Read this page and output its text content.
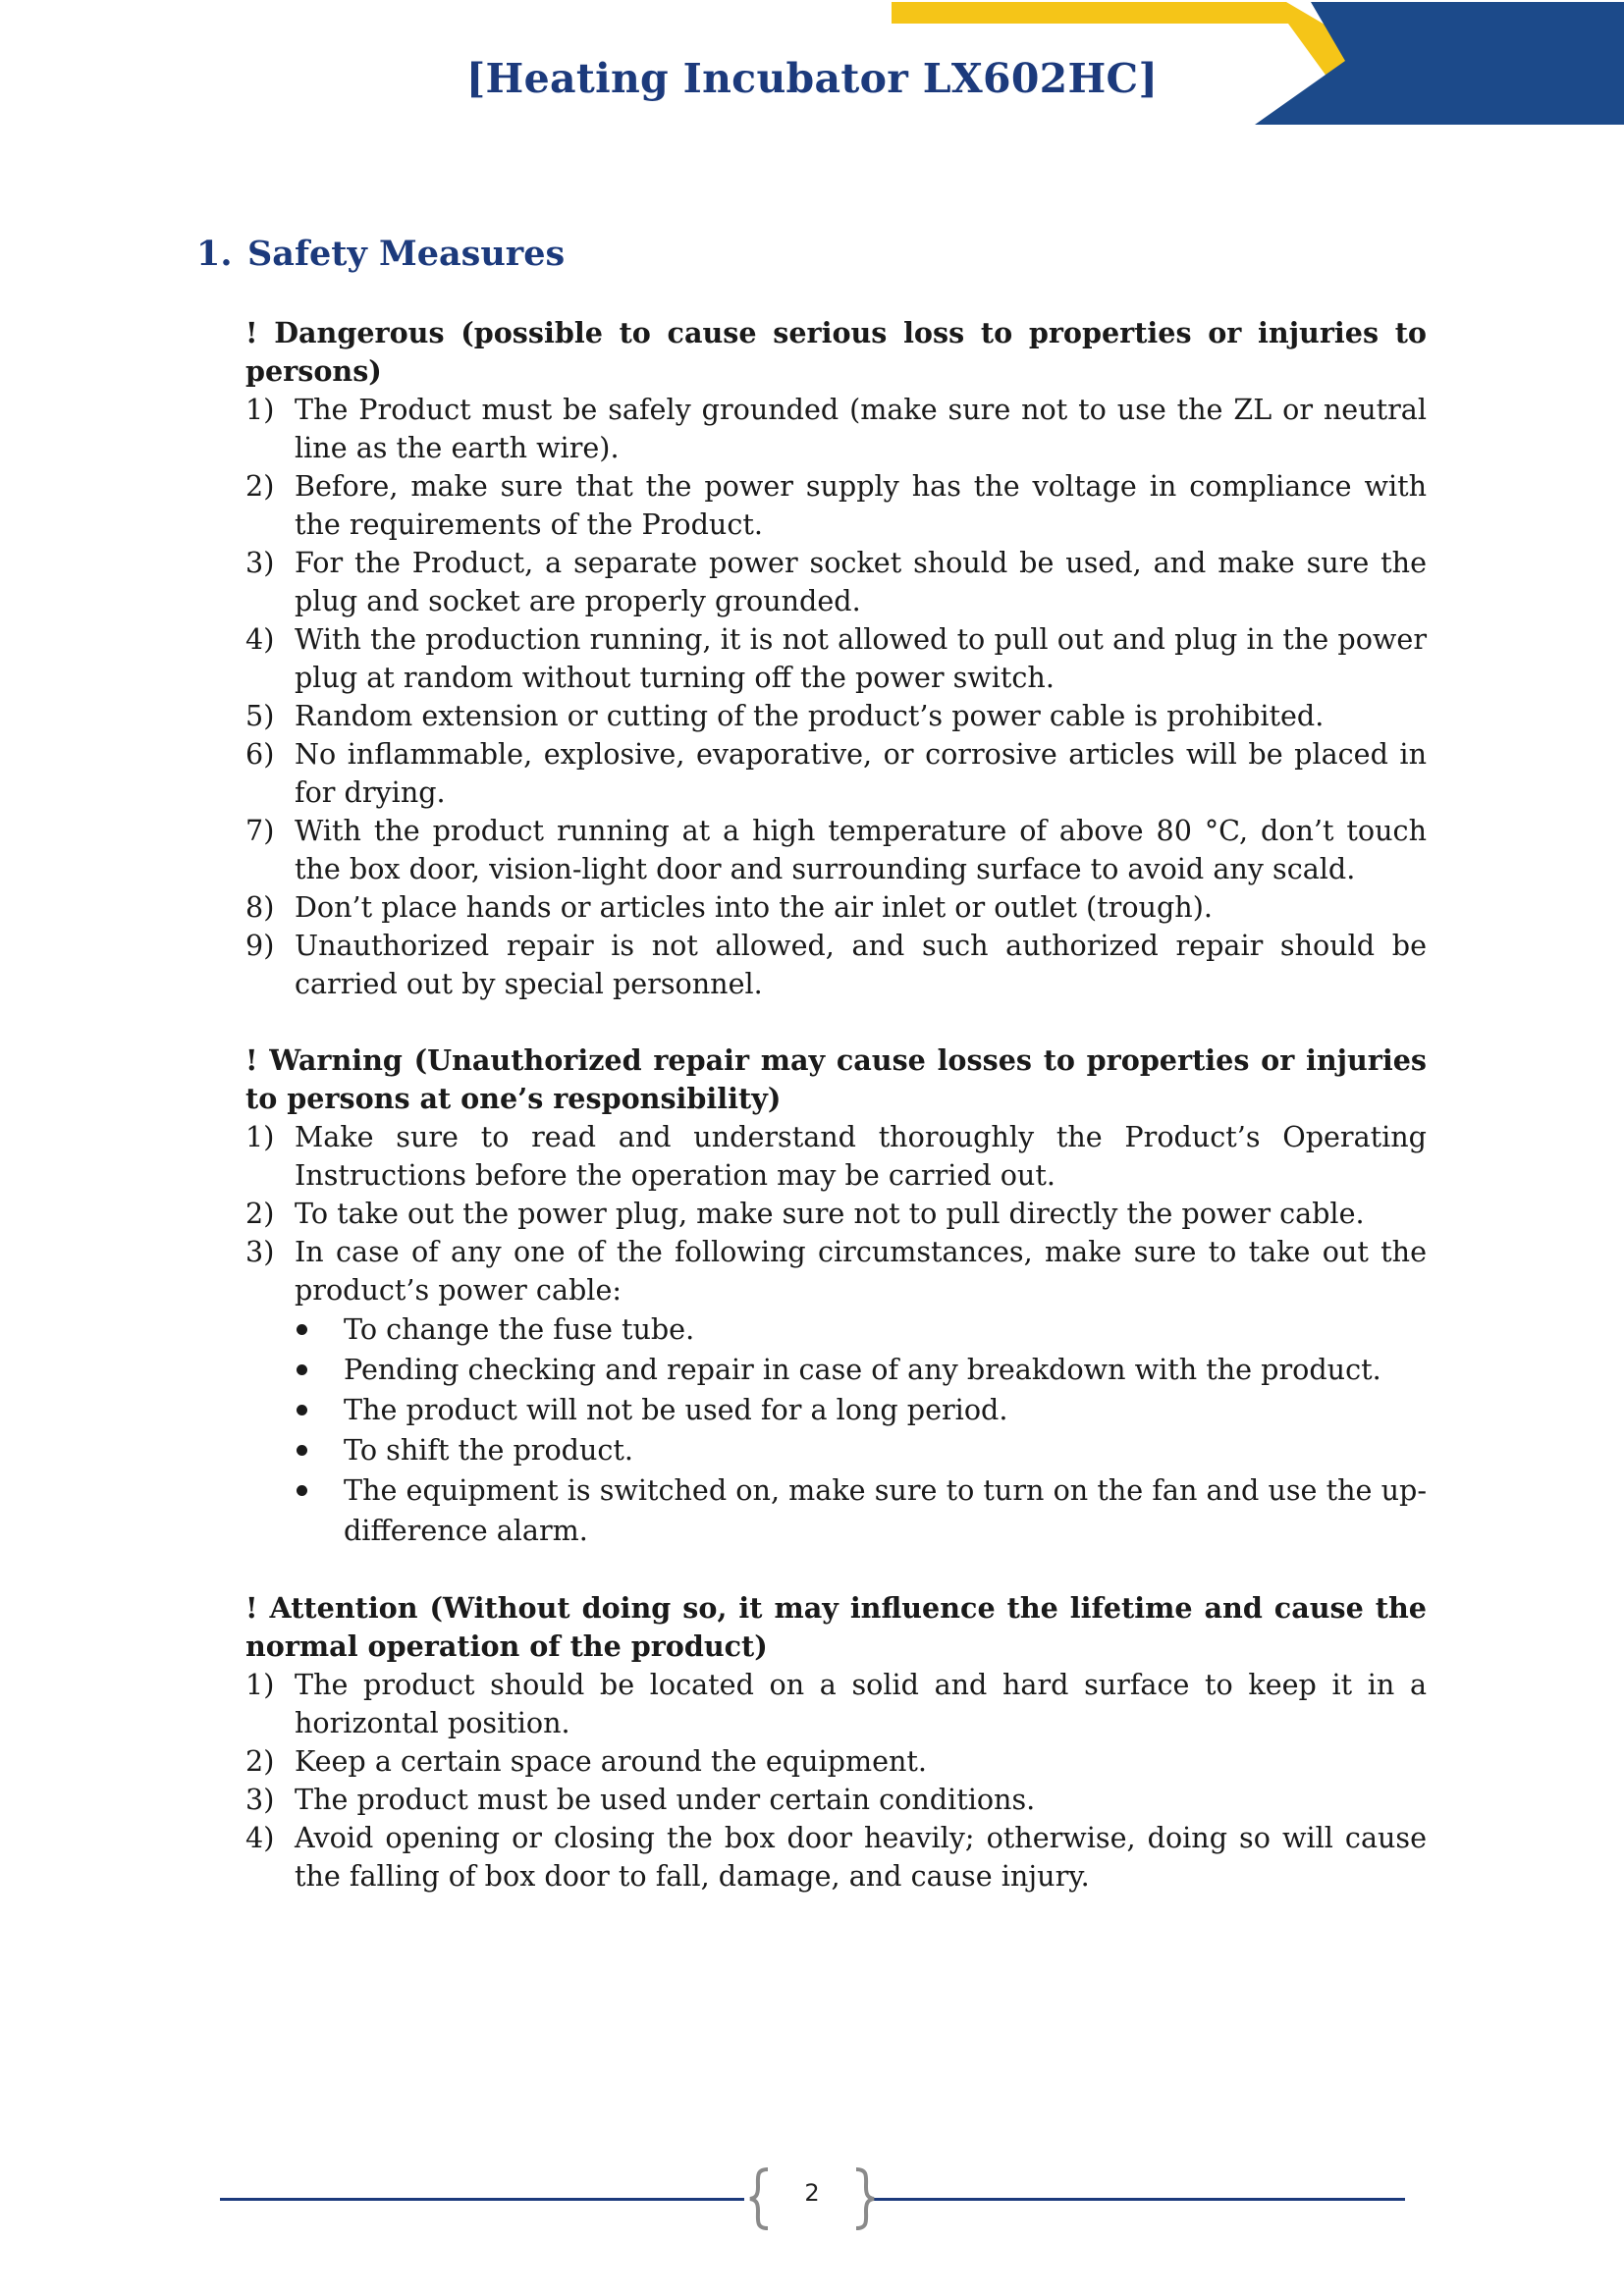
[Heating Incubator LX602HC]
1. Safety Measures

! Dangerous (possible to cause serious loss to properties or injuries to persons)

1) The Product must be safely grounded (make sure not to use the ZL or neutral line as the earth wire).
2) Before, make sure that the power supply has the voltage in compliance with the requirements of the Product.
3) For the Product, a separate power socket should be used, and make sure the plug and socket are properly grounded.
4) With the production running, it is not allowed to pull out and plug in the power plug at random without turning off the power switch.
5) Random extension or cutting of the product’s power cable is prohibited.
6) No inflammable, explosive, evaporative, or corrosive articles will be placed in for drying.
7) With the product running at a high temperature of above 80 °C, don’t touch the box door, vision-light door and surrounding surface to avoid any scald.
8) Don’t place hands or articles into the air inlet or outlet (trough).
9) Unauthorized repair is not allowed, and such authorized repair should be carried out by special personnel.

! Warning (Unauthorized repair may cause losses to properties or injuries to persons at one’s responsibility)

1) Make sure to read and understand thoroughly the Product’s Operating Instructions before the operation may be carried out.
2) To take out the power plug, make sure not to pull directly the power cable.
3) In case of any one of the following circumstances, make sure to take out the product’s power cable:
To change the fuse tube.
Pending checking and repair in case of any breakdown with the product.
The product will not be used for a long period.
To shift the product.
The equipment is switched on, make sure to turn on the fan and use the up-difference alarm.

! Attention (Without doing so, it may influence the lifetime and cause the normal operation of the product)

1) The product should be located on a solid and hard surface to keep it in a horizontal position.
2) Keep a certain space around the equipment.
3) The product must be used under certain conditions.
4) Avoid opening or closing the box door heavily; otherwise, doing so will cause the falling of box door to fall, damage, and cause injury.
2
